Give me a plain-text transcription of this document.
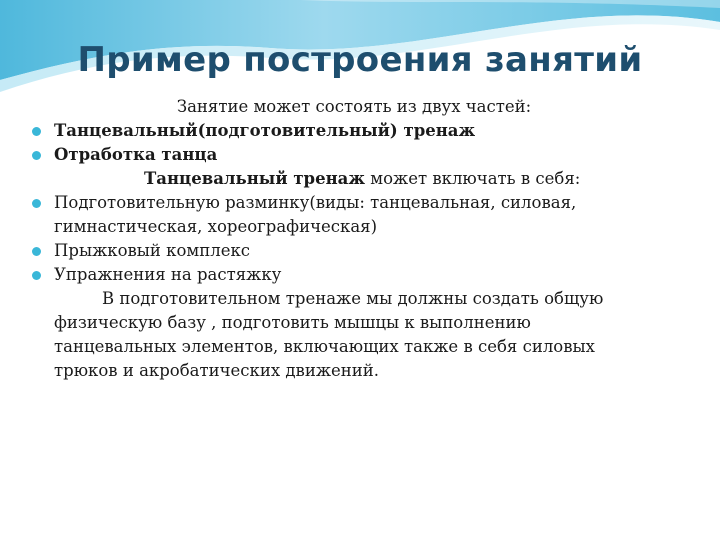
Пример построения занятий
Занятие может состоять из двух частей:
Танцевальный(подготовительный) тренаж
Отработка танца
Танцевальный тренаж может включать в себя:
Подготовительную разминку(виды: танцевальная, силовая, гимнастическая, хореографическая)
Прыжковый комплекс
Упражнения на растяжку
В подготовительном тренаже мы должны создать общую физическую базу , подготовить мышцы к выполнению танцевальных элементов, включающих также в себя силовых трюков и акробатических движений.
